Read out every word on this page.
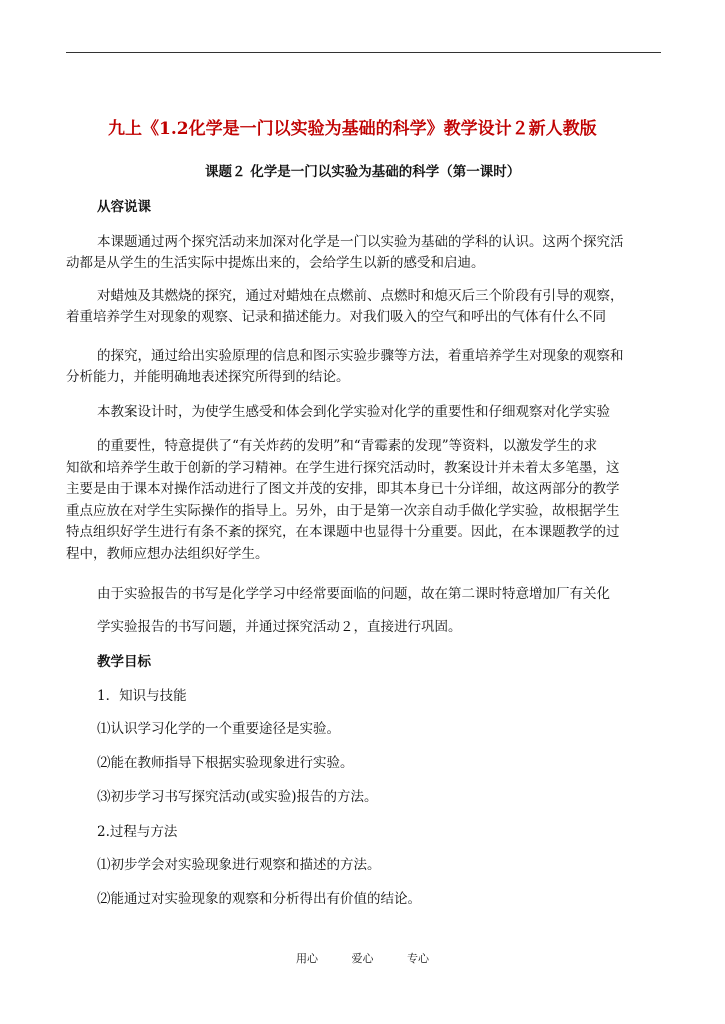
九上《1.2化学是一门以实验为基础的科学》教学设计２新人教版
课题２ 化学是一门以实验为基础的科学（第一课时）
从容说课
本课题通过两个探究活动来加深对化学是一门以实验为基础的学科的认识。这两个探究活
动都是从学生的生活实际中提炼出来的，会给学生以新的感受和启迪。
对蜡烛及其燃烧的探究，通过对蜡烛在点燃前、点燃时和熄灭后三个阶段有引导的观察，
着重培养学生对现象的观察、记录和描述能力。对我们吸入的空气和呼出的气体有什么不同
的探究，通过给出实验原理的信息和图示实验步骤等方法，着重培养学生对现象的观察和
分析能力，并能明确地表述探究所得到的结论。
本教案设计时，为使学生感受和体会到化学实验对化学的重要性和仔细观察对化学实验
的重要性，特意提供了“有关炸药的发明”和“青霉素的发现”等资料，以激发学生的求
知欲和培养学生敢于创新的学习精神。在学生进行探究活动时，教案设计并未着太多笔墨，这
主要是由于课本对操作活动进行了图文并茂的安排，即其本身已十分详细，故这两部分的教学
重点应放在对学生实际操作的指导上。另外，由于是第一次亲自动手做化学实验，故根据学生
特点组织好学生进行有条不紊的探究，在本课题中也显得十分重要。因此，在本课题教学的过
程中，教师应想办法组织好学生。
由于实验报告的书写是化学学习中经常要面临的问题，故在第二课时特意增加厂有关化
学实验报告的书写问题，并通过探究活动２，直接进行巩固。
教学目标
1．知识与技能
⑴认识学习化学的一个重要途径是实验。
⑵能在教师指导下根据实验现象进行实验。
⑶初步学习书写探究活动(或实验)报告的方法。
2.过程与方法
⑴初步学会对实验现象进行观察和描述的方法。
⑵能通过对实验现象的观察和分析得出有价值的结论。
用心	爱心	专心
